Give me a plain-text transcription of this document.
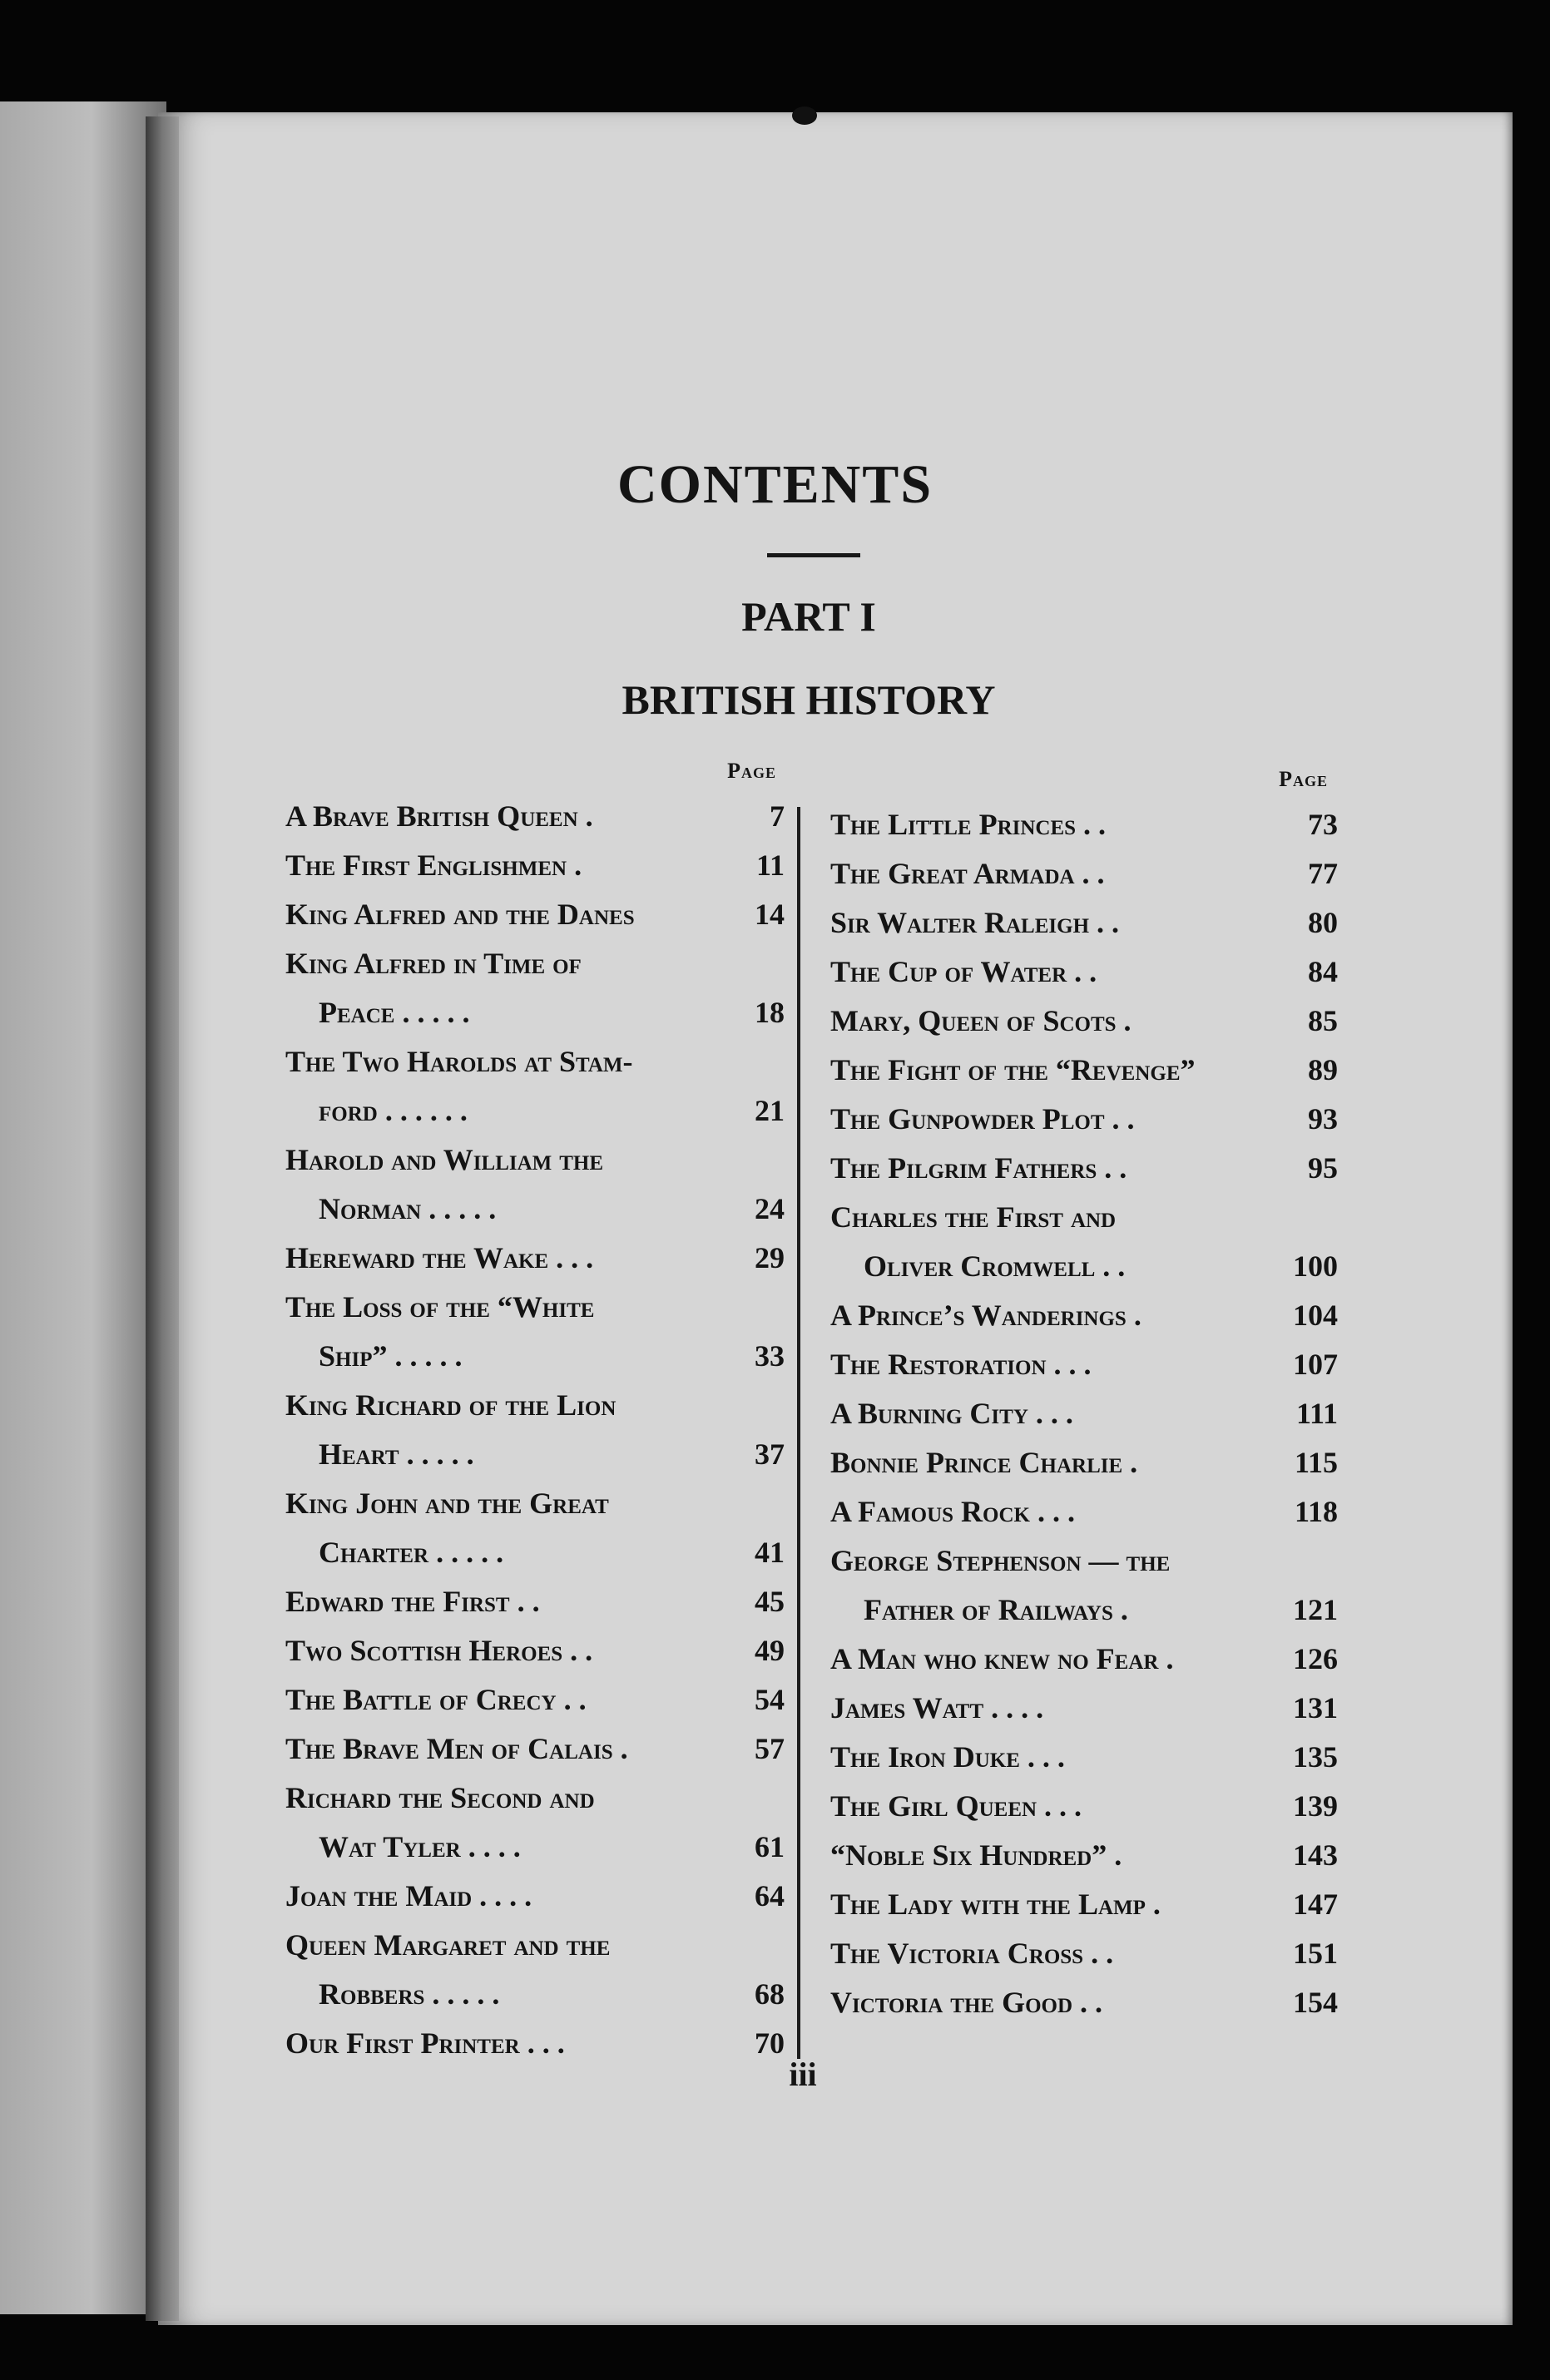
CONTENTS
PART I
BRITISH HISTORY
Page
A Brave British Queen .	7
The First Englishmen .	11
King Alfred and the Danes	14
King Alfred in Time of
Peace . . . . .	18
The Two Harolds at Stam-
ford . . . . . .	21
Harold and William the
Norman . . . . .	24
Hereward the Wake . . .	29
The Loss of the “White
Ship” . . . . .	33
King Richard of the Lion
Heart . . . . .	37
King John and the Great
Charter . . . . .	41
Edward the First . .	45
Two Scottish Heroes . .	49
The Battle of Crecy . .	54
The Brave Men of Calais .	57
Richard the Second and
Wat Tyler . . . .	61
Joan the Maid . . . .	64
Queen Margaret and the
Robbers . . . . .	68
Our First Printer . . .	70
Page
The Little Princes . .	73
The Great Armada . .	77
Sir Walter Raleigh . .	80
The Cup of Water . .	84
Mary, Queen of Scots .	85
The Fight of the “Revenge”	89
The Gunpowder Plot . .	93
The Pilgrim Fathers . .	95
Charles the First and
Oliver Cromwell . .	100
A Prince’s Wanderings .	104
The Restoration . . .	107
A Burning City . . .	111
Bonnie Prince Charlie .	115
A Famous Rock . . .	118
George Stephenson — the
Father of Railways .	121
A Man who knew no Fear .	126
James Watt . . . .	131
The Iron Duke . . .	135
The Girl Queen . . .	139
“Noble Six Hundred” .	143
The Lady with the Lamp .	147
The Victoria Cross . .	151
Victoria the Good . .	154
iii
